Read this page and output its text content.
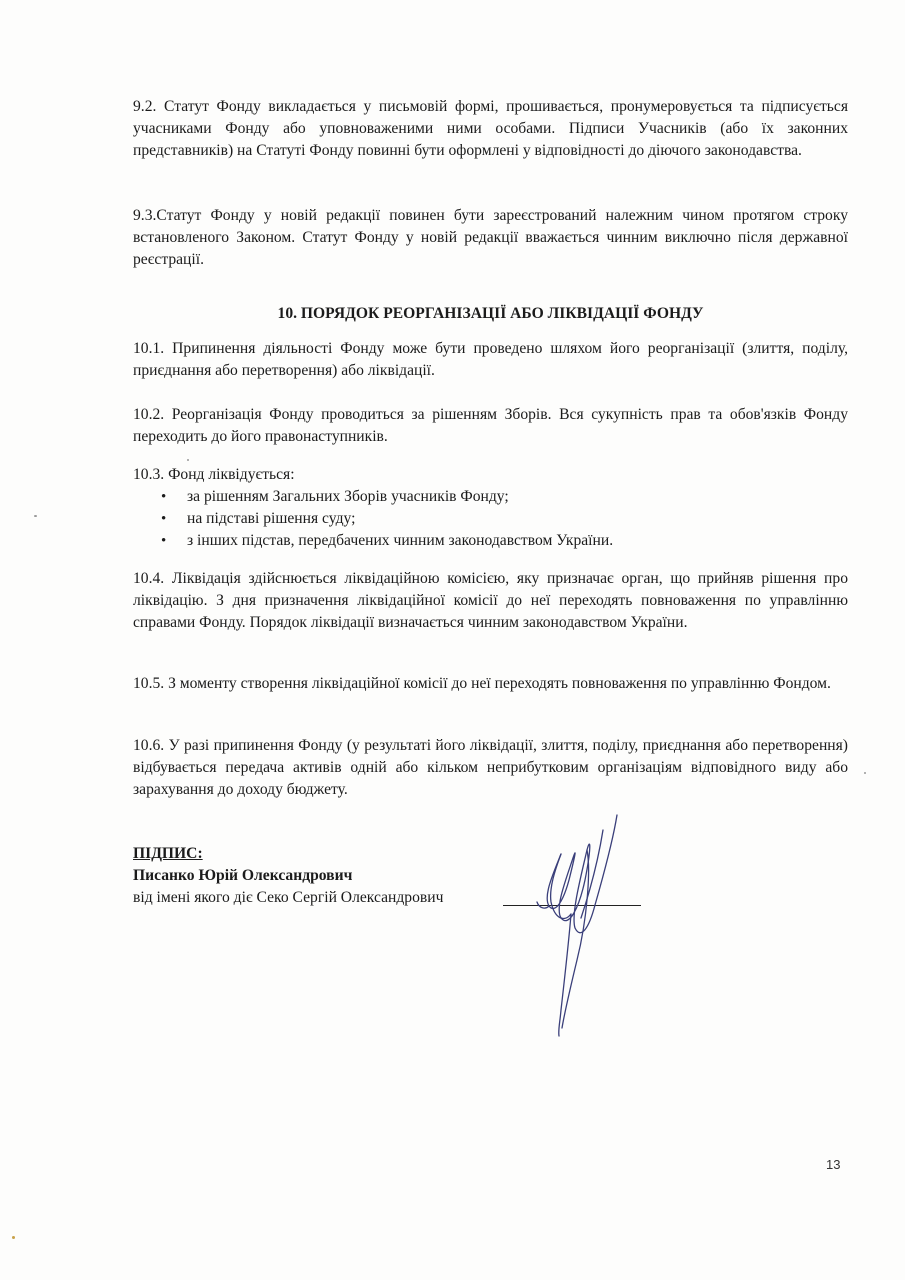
9.2. Статут Фонду викладається у письмовій формі, прошивається, пронумеровується та підписується учасниками Фонду або уповноваженими ними особами. Підписи Учасників (або їх законних представників) на Статуті Фонду повинні бути оформлені у відповідності до діючого законодавства.

9.3.Статут Фонду у новій редакції повинен бути зареєстрований належним чином протягом строку встановленого Законом. Статут Фонду у новій редакції вважається чинним виключно після державної реєстрації.

10. ПОРЯДОК РЕОРГАНІЗАЦІЇ АБО ЛІКВІДАЦІЇ ФОНДУ

10.1. Припинення діяльності Фонду може бути проведено шляхом його реорганізації (злиття, поділу, приєднання або перетворення) або ліквідації.

10.2. Реорганізація Фонду проводиться за рішенням Зборів. Вся сукупність прав та обов'язків Фонду переходить до його правонаступників.

10.3. Фонд ліквідується:

• за рішенням Загальних Зборів учасників Фонду;
• на підставі рішення суду;
• з інших підстав, передбачених чинним законодавством України.

10.4. Ліквідація здійснюється ліквідаційною комісією, яку призначає орган, що прийняв рішення про ліквідацію. З дня призначення ліквідаційної комісії до неї переходять повноваження по управлінню справами Фонду. Порядок ліквідації визначається чинним законодавством України.

10.5. З моменту створення ліквідаційної комісії до неї переходять повноваження по управлінню Фондом.

10.6. У разі припинення Фонду (у результаті його ліквідації, злиття, поділу, приєднання або перетворення) відбувається передача активів одній або кільком неприбутковим організаціям відповідного виду або зарахування до доходу бюджету.

ПІДПИС:
Писанко Юрій Олександрович
від імені якого діє Секо Сергій Олександрович
13
